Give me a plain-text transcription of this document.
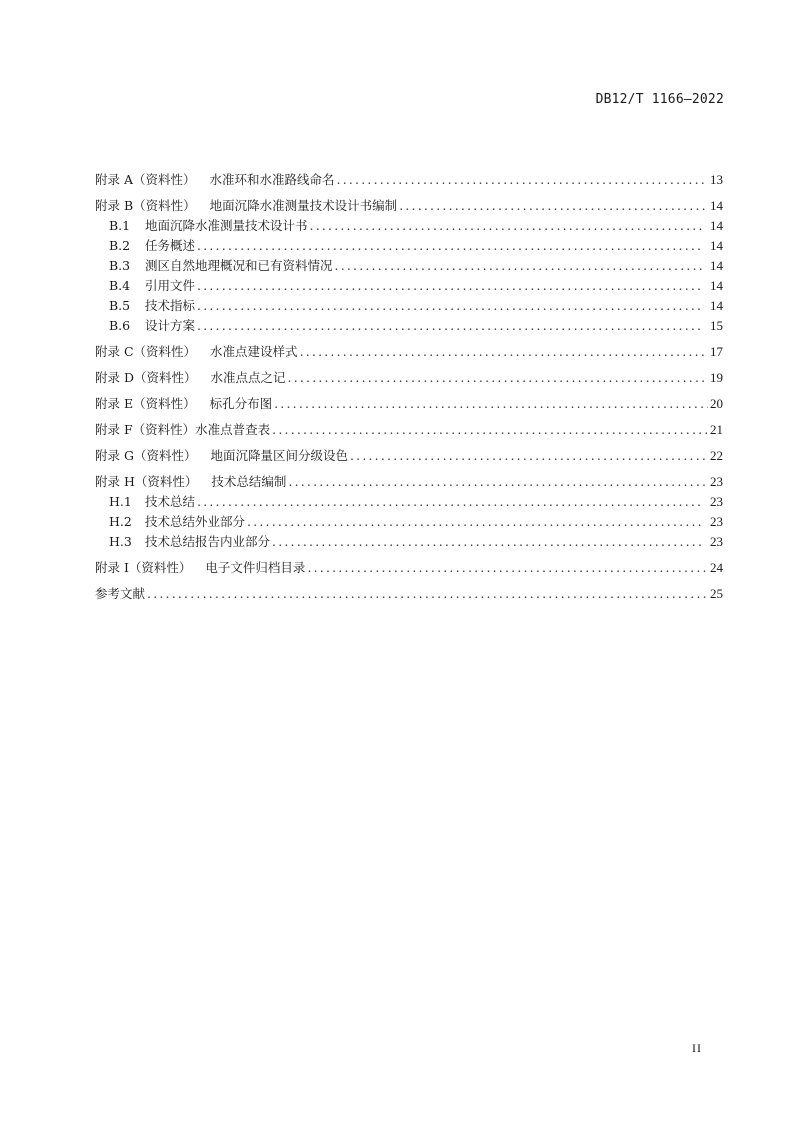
DB12/T 1166—2022
附录 A（资料性） 水准环和水准路线命名 .....	13
附录 B（资料性） 地面沉降水准测量技术设计书编制 .....	14
B.1 地面沉降水准测量技术设计书 .....	14
B.2 任务概述 .....	14
B.3 测区自然地理概况和已有资料情况 .....	14
B.4 引用文件 .....	14
B.5 技术指标 .....	14
B.6 设计方案 .....	15
附录 C（资料性） 水准点建设样式 .....	17
附录 D（资料性） 水准点点之记 .....	19
附录 E（资料性） 标孔分布图 .....	20
附录 F（资料性）水准点普查表 .....	21
附录 G（资料性） 地面沉降量区间分级设色 .....	22
附录 H（资料性） 技术总结编制 .....	23
H.1 技术总结 .....	23
H.2 技术总结外业部分 .....	23
H.3 技术总结报告内业部分 .....	23
附录 I（资料性） 电子文件归档目录 .....	24
参考文献 .....	25
II
